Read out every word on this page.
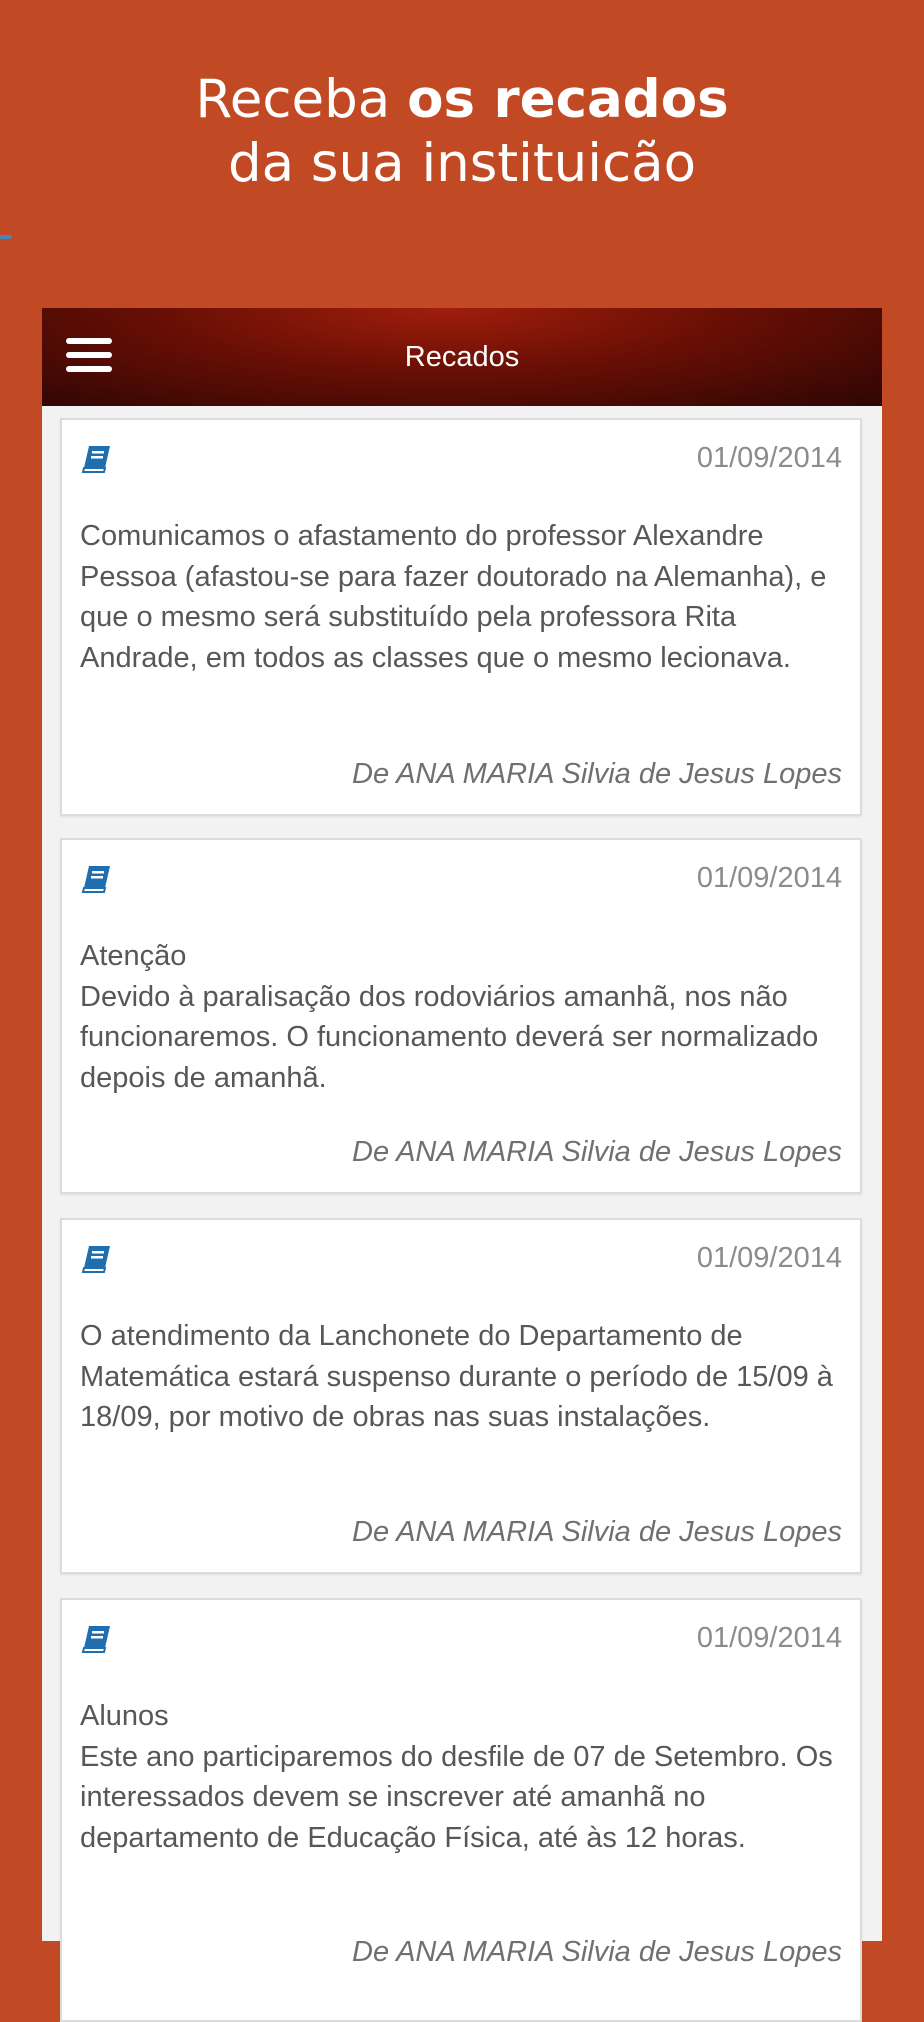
Receba os recados
da sua instituicão
Recados
01/09/2014
Comunicamos o afastamento do professor Alexandre Pessoa (afastou-se para fazer doutorado na Alemanha), e que o mesmo será substituído pela professora Rita Andrade, em todos as classes que o mesmo lecionava.
De ANA MARIA Silvia de Jesus Lopes
01/09/2014
Atenção
Devido à paralisação dos rodoviários amanhã, nos não funcionaremos. O funcionamento deverá ser normalizado depois de amanhã.
De ANA MARIA Silvia de Jesus Lopes
01/09/2014
O atendimento da Lanchonete do Departamento de Matemática estará suspenso durante o período de 15/09 à 18/09, por motivo de obras nas suas instalações.
De ANA MARIA Silvia de Jesus Lopes
01/09/2014
Alunos
Este ano participaremos do desfile de 07 de Setembro. Os interessados devem se inscrever até amanhã no departamento de Educação Física, até às 12 horas.
De ANA MARIA Silvia de Jesus Lopes
